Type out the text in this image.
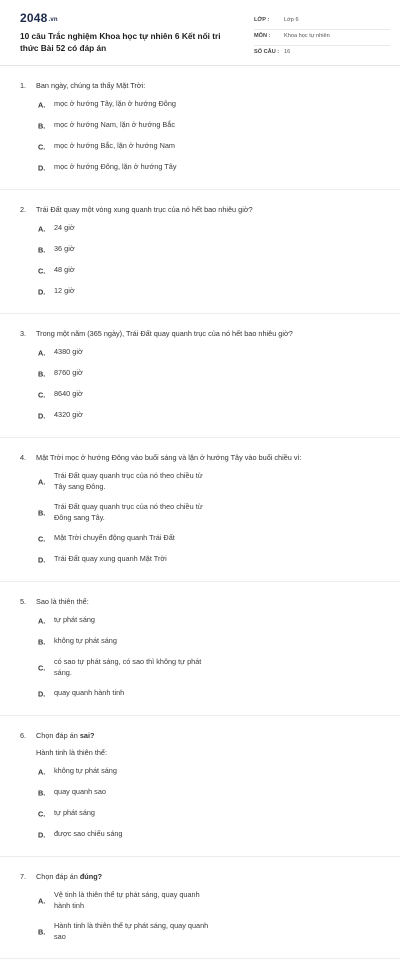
2048.vn
10 câu Trắc nghiệm Khoa học tự nhiên 6 Kết nối tri thức Bài 52 có đáp án
LỚP :	Lớp 6
MÔN : Khoa học tự nhiên
SỐ CÂU : 16
1. Ban ngày, chúng ta thấy Mặt Trời:
A. mọc ở hướng Tây, lặn ở hướng Đông
B. mọc ở hướng Nam, lặn ở hướng Bắc
C. mọc ở hướng Bắc, lặn ở hướng Nam
D. mọc ở hướng Đông, lặn ở hướng Tây
2. Trái Đất quay một vòng xung quanh trục của nó hết bao nhiêu giờ?
A. 24 giờ
B. 36 giờ
C. 48 giờ
D. 12 giờ
3. Trong một năm (365 ngày), Trái Đất quay quanh trục của nó hết bao nhiêu giờ?
A. 4380 giờ
B. 8760 giờ
C. 8640 giờ
D. 4320 giờ
4. Mặt Trời mọc ở hướng Đông vào buổi sáng và lặn ở hướng Tây vào buổi chiều vì:
A.
Trái Đất quay quanh trục của nó theo chiều từ Tây sang Đông.
B.
Trái Đất quay quanh trục của nó theo chiều từ Đông sang Tây.
C. Mặt Trời chuyển động quanh Trái Đất
D. Trái Đất quay xung quanh Mặt Trời
5. Sao là thiên thể:
A. tự phát sáng
B. không tự phát sáng
C.
có sao tự phát sáng, có sao thì không tự phát sáng.
D. quay quanh hành tinh
6. Chọn đáp án sai?
Hành tinh là thiên thể:
A. không tự phát sáng
B. quay quanh sao
C. tự phát sáng
D. được sao chiếu sáng
7. Chọn đáp án đúng?
A.
Vệ tinh là thiên thể tự phát sáng, quay quanh hành tinh
B.
Hành tinh là thiên thể tự phát sáng, quay quanh sao
